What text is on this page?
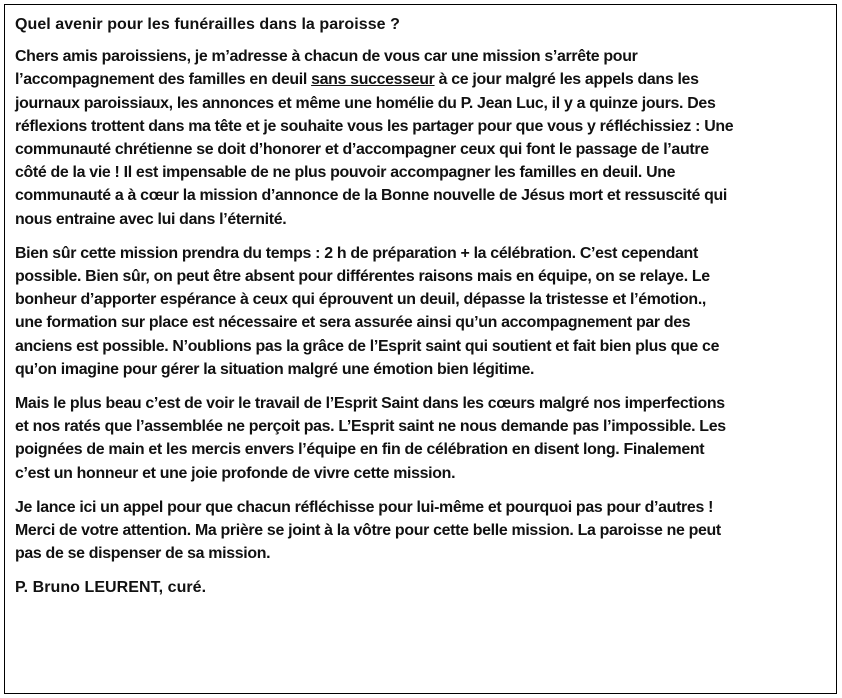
Quel avenir pour les funérailles dans la paroisse ?

Chers amis paroissiens, je m’adresse à chacun de vous car une mission s’arrête pour
l’accompagnement des familles en deuil sans successeur à ce jour malgré les appels dans les
journaux paroissiaux, les annonces et même une homélie du P. Jean Luc, il y a quinze jours. Des
réflexions trottent dans ma tête et je souhaite vous les partager pour que vous y réfléchissiez : Une
communauté chrétienne se doit d’honorer et d’accompagner ceux qui font le passage de l’autre
côté de la vie ! Il est impensable de ne plus pouvoir accompagner les familles en deuil. Une
communauté a à cœur la mission d’annonce de la Bonne nouvelle de Jésus mort et ressuscité qui
nous entraine avec lui dans l’éternité.

Bien sûr cette mission prendra du temps : 2 h de préparation + la célébration. C’est cependant
possible. Bien sûr, on peut être absent pour différentes raisons mais en équipe, on se relaye. Le
bonheur d’apporter espérance à ceux qui éprouvent un deuil, dépasse la tristesse et l’émotion.,
une formation sur place est nécessaire et sera assurée ainsi qu’un accompagnement par des
anciens est possible. N’oublions pas la grâce de l’Esprit saint qui soutient et fait bien plus que ce
qu’on imagine pour gérer la situation malgré une émotion bien légitime.

Mais le plus beau c’est de voir le travail de l’Esprit Saint dans les cœurs malgré nos imperfections
et nos ratés que l’assemblée ne perçoit pas. L’Esprit saint ne nous demande pas l’impossible. Les
poignées de main et les mercis envers l’équipe en fin de célébration en disent long. Finalement
c’est un honneur et une joie profonde de vivre cette mission.

Je lance ici un appel pour que chacun réfléchisse pour lui-même et pourquoi pas pour d’autres !
Merci de votre attention. Ma prière se joint à la vôtre pour cette belle mission. La paroisse ne peut
pas de se dispenser de sa mission.

P. Bruno LEURENT, curé.
